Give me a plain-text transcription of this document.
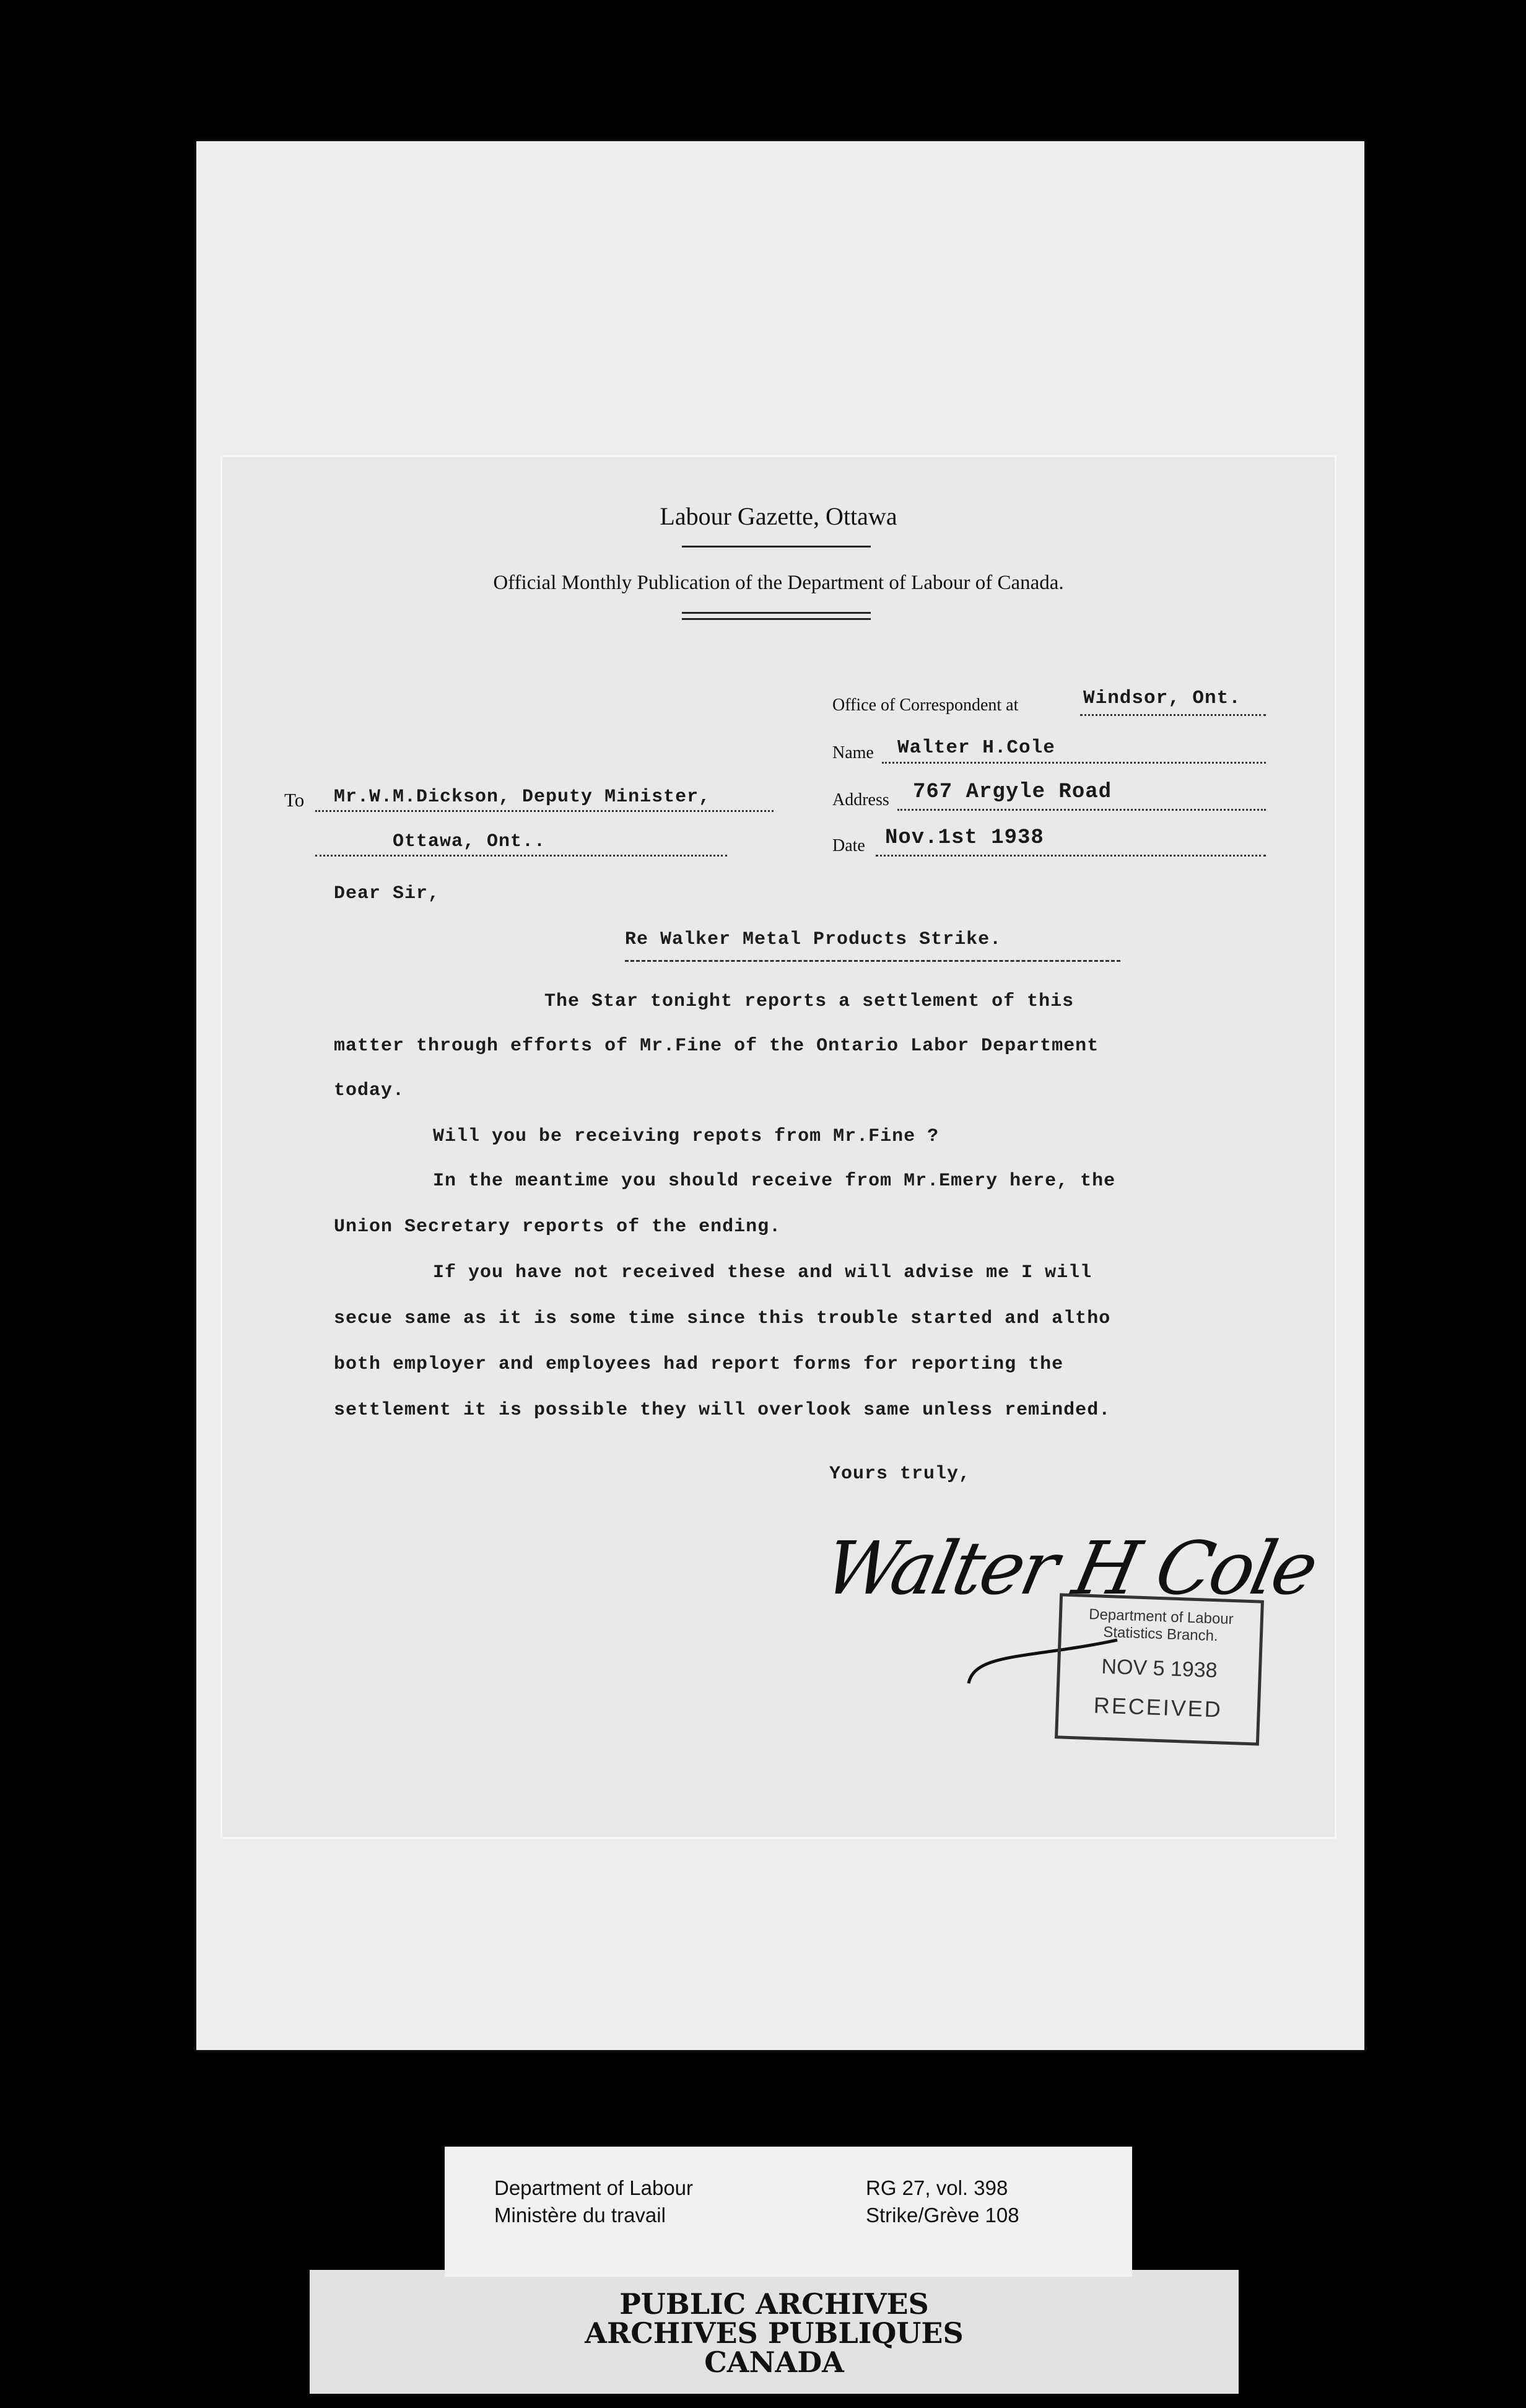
Labour Gazette, Ottawa
Official Monthly Publication of the Department of Labour of Canada.
Office of Correspondent at	Windsor, Ont.
Name Walter H.Cole
Address 767 Argyle Road
Date Nov.1st 1938
To Mr.W.M.Dickson, Deputy Minister,
Ottawa, Ont..
Dear Sir,
Re Walker Metal Products Strike.
The Star tonight reports a settlement of this
matter through efforts of Mr.Fine of the Ontario Labor Department
today.
Will you be receiving repots from Mr.Fine ?
In the meantime you should receive from Mr.Emery here, the
Union Secretary reports of the ending.
If you have not received these and will advise me I will
secue same as it is some time since this trouble started and altho
both employer and employees had report forms for reporting the
settlement it is possible they will overlook same unless reminded.
Yours truly,
Walter H Cole
Department of Labour
Statistics Branch.
NOV 5 1938
RECEIVED
PUBLIC ARCHIVES
ARCHIVES PUBLIQUES
CANADA
Department of Labour
Ministère du travail
RG 27, vol. 398
Strike/Grève 108
